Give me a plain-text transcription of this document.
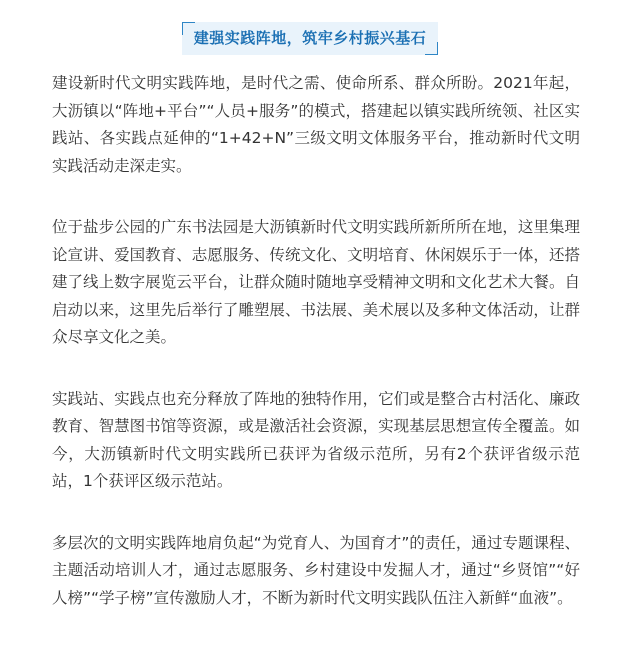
建强实践阵地，筑牢乡村振兴基石

建设新时代文明实践阵地，是时代之需、使命所系、群众所盼。2021年起，大沥镇以“阵地+平台”“人员+服务”的模式，搭建起以镇实践所统领、社区实践站、各实践点延伸的“1+42+N”三级文明文体服务平台，推动新时代文明实践活动走深走实。

位于盐步公园的广东书法园是大沥镇新时代文明实践所新所所在地，这里集理论宣讲、爱国教育、志愿服务、传统文化、文明培育、休闲娱乐于一体，还搭建了线上数字展览云平台，让群众随时随地享受精神文明和文化艺术大餐。自启动以来，这里先后举行了雕塑展、书法展、美术展以及多种文体活动，让群众尽享文化之美。

实践站、实践点也充分释放了阵地的独特作用，它们或是整合古村活化、廉政教育、智慧图书馆等资源，或是激活社会资源，实现基层思想宣传全覆盖。如今，大沥镇新时代文明实践所已获评为省级示范所，另有2个获评省级示范站，1个获评区级示范站。

多层次的文明实践阵地肩负起“为党育人、为国育才”的责任，通过专题课程、主题活动培训人才，通过志愿服务、乡村建设中发掘人才，通过“乡贤馆”“好人榜”“学子榜”宣传激励人才，不断为新时代文明实践队伍注入新鲜“血液”。
